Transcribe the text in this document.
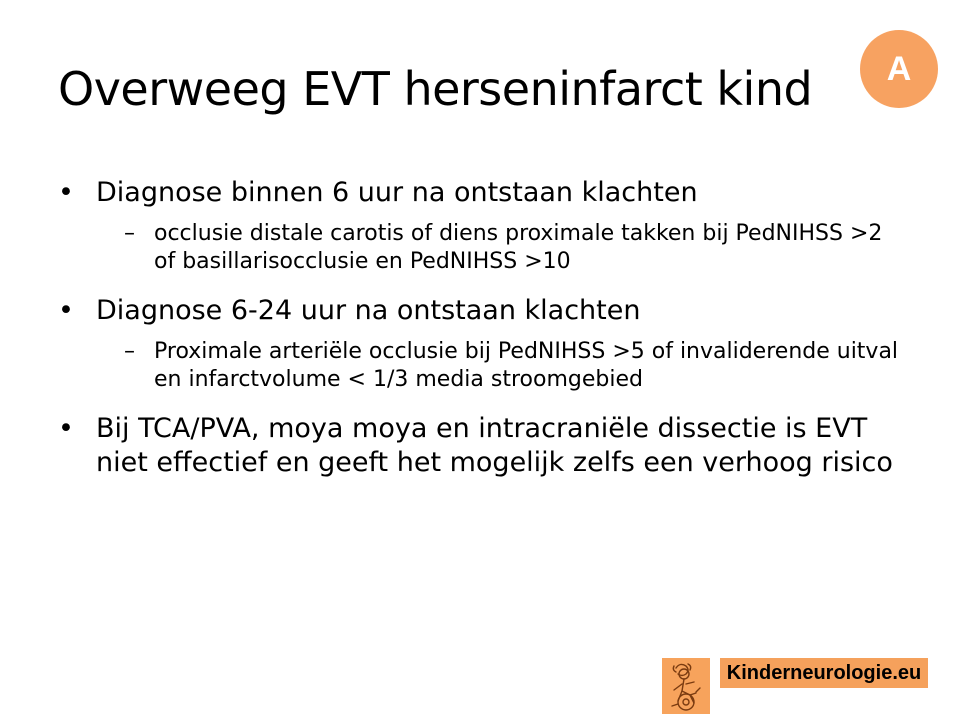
Overweeg EVT herseninfarct kind	A
• Diagnose binnen 6 uur na ontstaan klachten
– occlusie distale carotis of diens proximale takken bij PedNIHSS >2 of basillarisocclusie en PedNIHSS >10
• Diagnose 6-24 uur na ontstaan klachten
– Proximale arteriële occlusie bij PedNIHSS >5 of invaliderende uitval en infarctvolume < 1/3 media stroomgebied
• Bij TCA/PVA, moya moya en intracraniële dissectie is EVT niet effectief en geeft het mogelijk zelfs een verhoog risico
Kinderneurologie.eu
